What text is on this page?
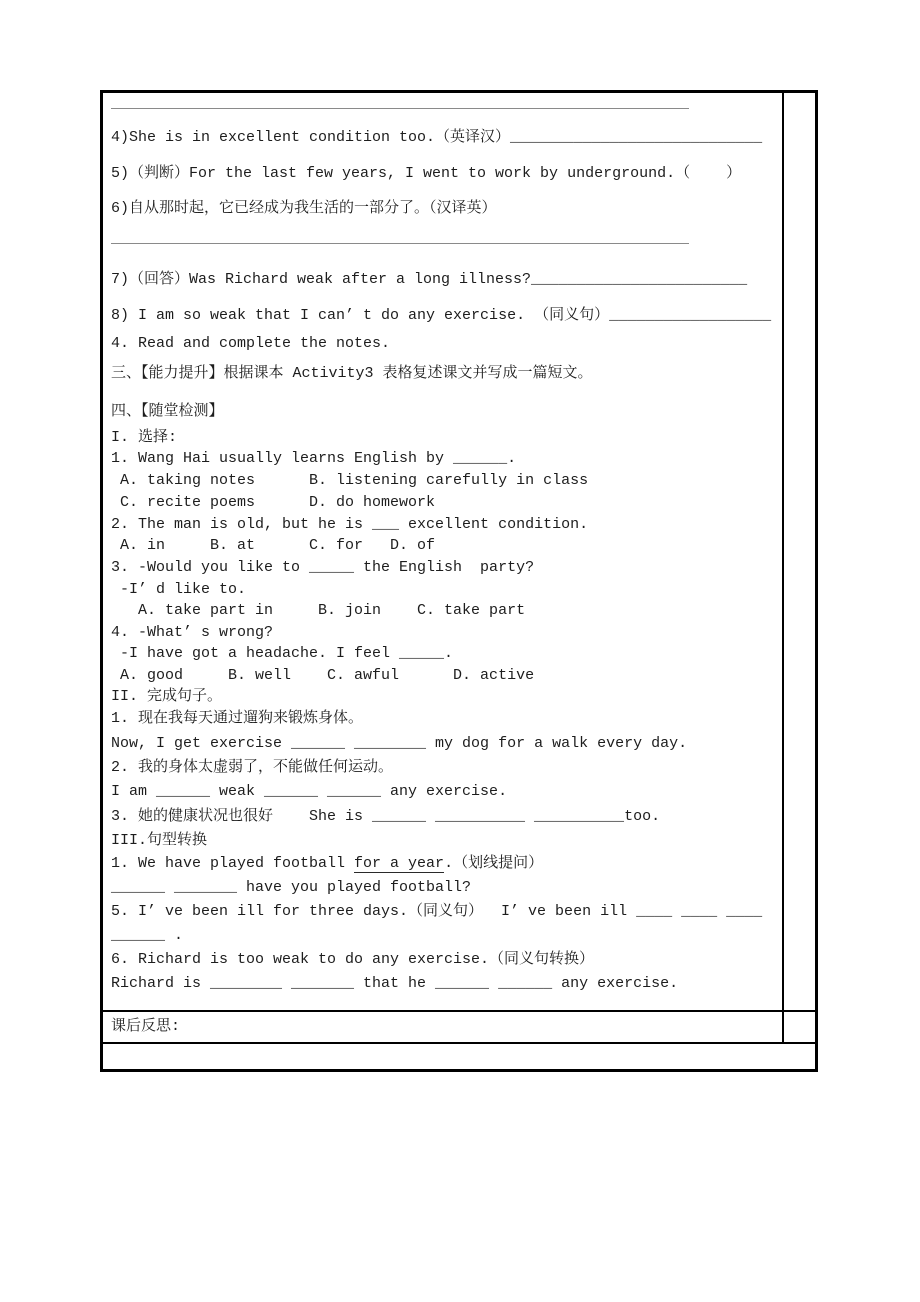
4)She is in excellent condition too.（英译汉）____________________________

5)（判断）For the last few years, I went to work by underground.（    ）

6)自从那时起，它已经成为我生活的一部分了。（汉译英）

7)（回答）Was Richard weak after a long illness?________________________

8) I am so weak that I can’ t do any exercise. （同义句）__________________

4. Read and complete the notes.

三、【能力提升】根据课本 Activity3 表格复述课文并写成一篇短文。

四、【随堂检测】

I. 选择:

1. Wang Hai usually learns English by ______.

A. taking notes      B. listening carefully in class

C. recite poems      D. do homework

2. The man is old, but he is ___ excellent condition.

A. in     B. at      C. for   D. of

3. -Would you like to _____ the English  party?

-I’ d like to.

A. take part in     B. join    C. take part

4. -What’ s wrong?

-I have got a headache. I feel _____.

A. good     B. well    C. awful      D. active

II. 完成句子。

1. 现在我每天通过遛狗来锻炼身体。

Now, I get exercise ______ ________ my dog for a walk every day.

2. 我的身体太虚弱了，不能做任何运动。

I am ______ weak ______ ______ any exercise.

3. 她的健康状况也很好    She is ______ __________ __________too.

III.句型转换

1. We have played football for a year.（划线提问）

______ _______ have you played football?

5. I’ ve been ill for three days.（同义句）  I’ ve been ill ____ ____ ____

______ .

6. Richard is too weak to do any exercise.（同义句转换）

Richard is ________ _______ that he ______ ______ any exercise.

课后反思:
